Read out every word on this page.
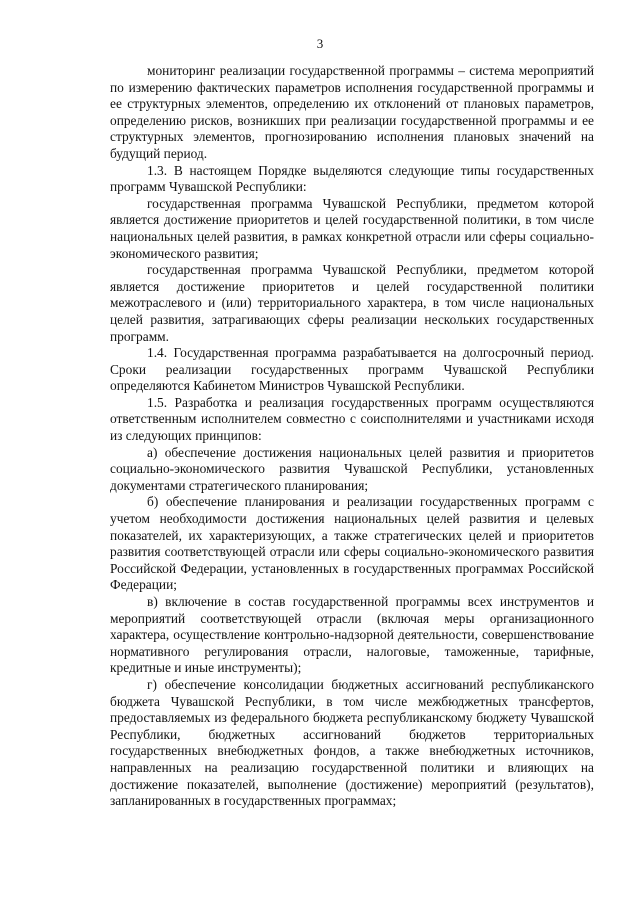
3

мониторинг реализации государственной программы – система мероприятий по измерению фактических параметров исполнения государственной программы и ее структурных элементов, определению их отклонений от плановых параметров, определению рисков, возникших при реализации государственной программы и ее структурных элементов, прогнозированию исполнения плановых значений на будущий период.

1.3. В настоящем Порядке выделяются следующие типы государственных программ Чувашской Республики:

государственная программа Чувашской Республики, предметом которой является достижение приоритетов и целей государственной политики, в том числе национальных целей развития, в рамках конкретной отрасли или сферы социально-экономического развития;

государственная программа Чувашской Республики, предметом которой является достижение приоритетов и целей государственной политики межотраслевого и (или) территориального характера, в том числе национальных целей развития, затрагивающих сферы реализации нескольких государственных программ.

1.4. Государственная программа разрабатывается на долгосрочный период. Сроки реализации государственных программ Чувашской Республики определяются Кабинетом Министров Чувашской Республики.

1.5. Разработка и реализация государственных программ осуществляются ответственным исполнителем совместно с соисполнителями и участниками исходя из следующих принципов:

а) обеспечение достижения национальных целей развития и приоритетов социально-экономического развития Чувашской Республики, установленных документами стратегического планирования;

б) обеспечение планирования и реализации государственных программ с учетом необходимости достижения национальных целей развития и целевых показателей, их характеризующих, а также стратегических целей и приоритетов развития соответствующей отрасли или сферы социально-экономического развития Российской Федерации, установленных в государственных программах Российской Федерации;

в) включение в состав государственной программы всех инструментов и мероприятий соответствующей отрасли (включая меры организационного характера, осуществление контрольно-надзорной деятельности, совершенствование нормативного регулирования отрасли, налоговые, таможенные, тарифные, кредитные и иные инструменты);

г) обеспечение консолидации бюджетных ассигнований республиканского бюджета Чувашской Республики, в том числе межбюджетных трансфертов, предоставляемых из федерального бюджета республиканскому бюджету Чувашской Республики, бюджетных ассигнований бюджетов территориальных государственных внебюджетных фондов, а также внебюджетных источников, направленных на реализацию государственной политики и влияющих на достижение показателей, выполнение (достижение) мероприятий (результатов), запланированных в государственных программах;
